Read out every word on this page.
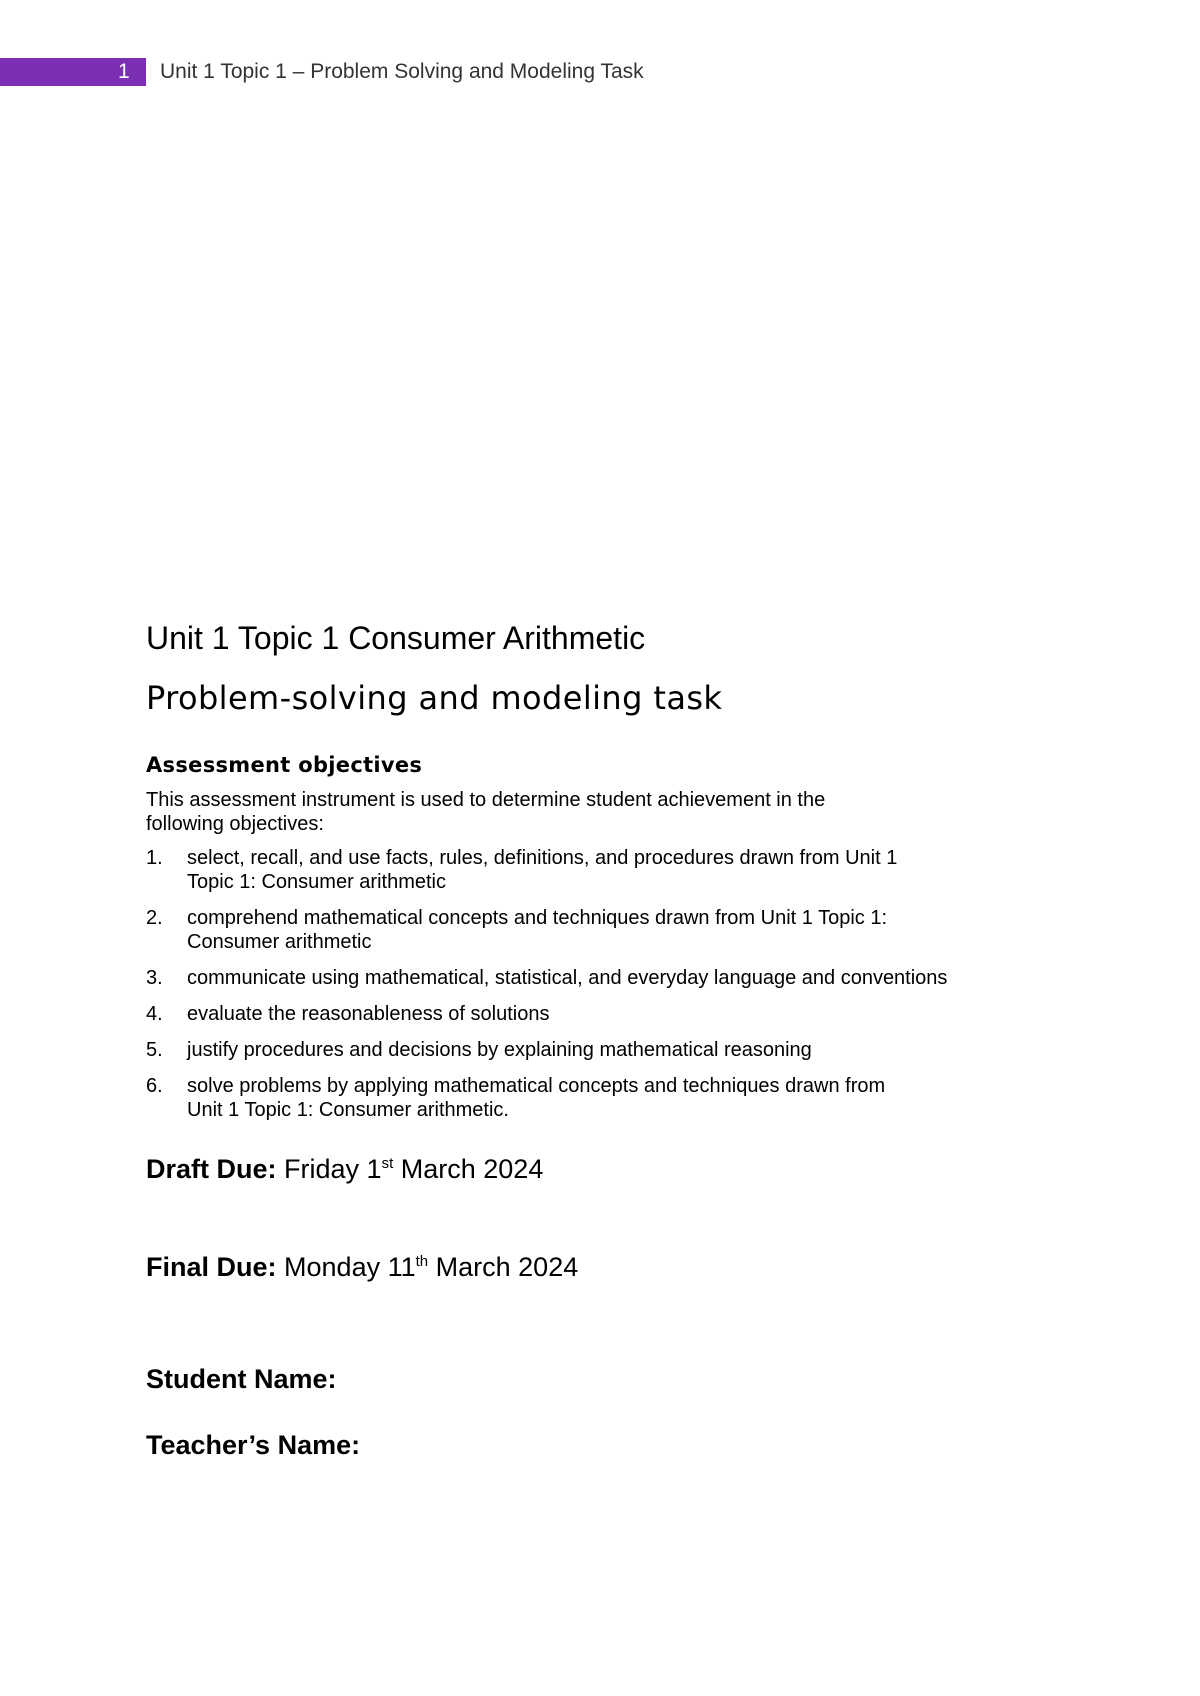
1	Unit 1 Topic 1 – Problem Solving and Modeling Task
Unit 1 Topic 1 Consumer Arithmetic
Problem-solving and modeling task
Assessment objectives

This assessment instrument is used to determine student achievement in the following objectives:

1. select, recall, and use facts, rules, definitions, and procedures drawn from Unit 1 Topic 1: Consumer arithmetic
2. comprehend mathematical concepts and techniques drawn from Unit 1 Topic 1: Consumer arithmetic
3. communicate using mathematical, statistical, and everyday language and conventions
4. evaluate the reasonableness of solutions
5. justify procedures and decisions by explaining mathematical reasoning
6. solve problems by applying mathematical concepts and techniques drawn from Unit 1 Topic 1: Consumer arithmetic.

Draft Due: Friday 1st March 2024

Final Due: Monday 11th March 2024

Student Name:

Teacher’s Name:
